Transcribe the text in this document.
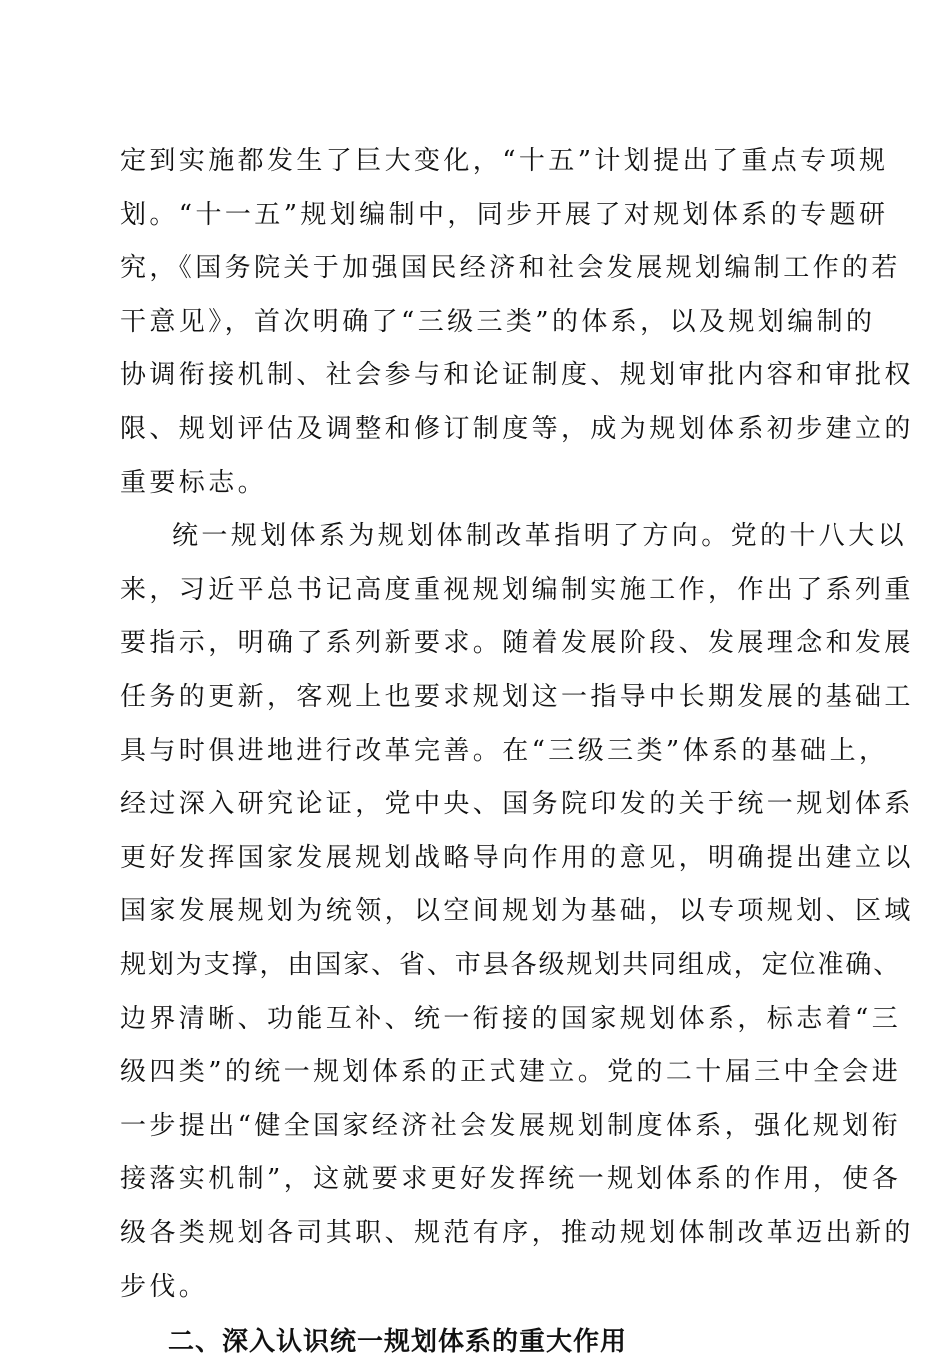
定到实施都发生了巨大变化，“十五”计划提出了重点专项规
划。“十一五”规划编制中，同步开展了对规划体系的专题研
究，《国务院关于加强国民经济和社会发展规划编制工作的若
干意见》，首次明确了“三级三类”的体系，以及规划编制的
协调衔接机制、社会参与和论证制度、规划审批内容和审批权
限、规划评估及调整和修订制度等，成为规划体系初步建立的
重要标志。
统一规划体系为规划体制改革指明了方向。党的十八大以
来，习近平总书记高度重视规划编制实施工作，作出了系列重
要指示，明确了系列新要求。随着发展阶段、发展理念和发展
任务的更新，客观上也要求规划这一指导中长期发展的基础工
具与时俱进地进行改革完善。在“三级三类”体系的基础上，
经过深入研究论证，党中央、国务院印发的关于统一规划体系
更好发挥国家发展规划战略导向作用的意见，明确提出建立以
国家发展规划为统领，以空间规划为基础，以专项规划、区域
规划为支撑，由国家、省、市县各级规划共同组成，定位准确、
边界清晰、功能互补、统一衔接的国家规划体系，标志着“三
级四类”的统一规划体系的正式建立。党的二十届三中全会进
一步提出“健全国家经济社会发展规划制度体系，强化规划衔
接落实机制”，这就要求更好发挥统一规划体系的作用，使各
级各类规划各司其职、规范有序，推动规划体制改革迈出新的
步伐。
二、深入认识统一规划体系的重大作用
